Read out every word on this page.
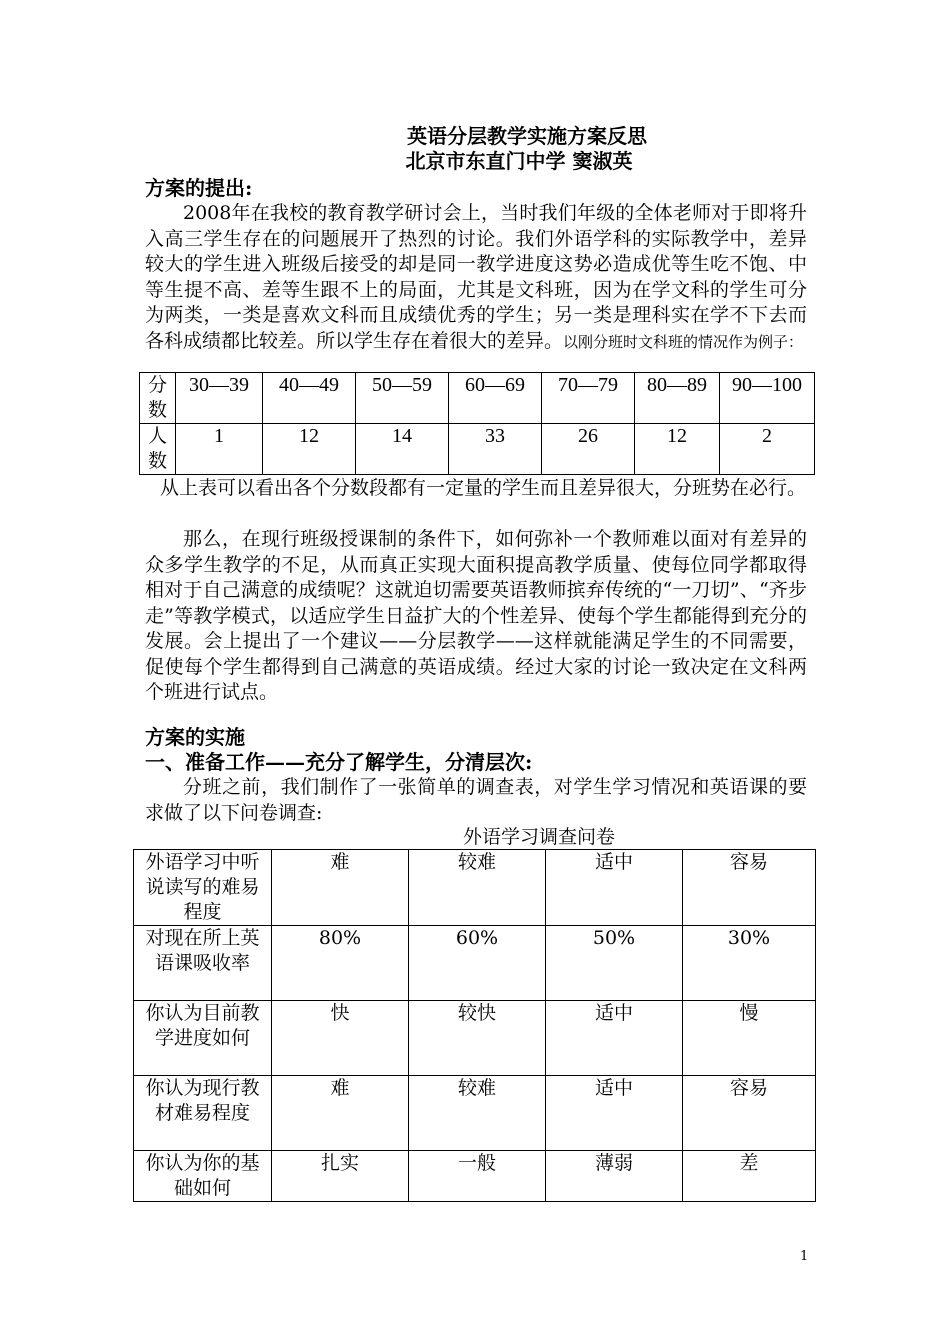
英语分层教学实施方案反思
北京市东直门中学 窦淑英
方案的提出:

2008年在我校的教育教学研讨会上，当时我们年级的全体老师对于即将升入高三学生存在的问题展开了热烈的讨论。我们外语学科的实际教学中，差异较大的学生进入班级后接受的却是同一教学进度这势必造成优等生吃不饱、中等生提不高、差等生跟不上的局面，尤其是文科班，因为在学文科的学生可分为两类，一类是喜欢文科而且成绩优秀的学生；另一类是理科实在学不下去而各科成绩都比较差。所以学生存在着很大的差异。以刚分班时文科班的情况作为例子：

分数	30—39	40—49	50—59	60—69	70—79	80—89	90—100
人数	1	12	14	33	26	12	2

从上表可以看出各个分数段都有一定量的学生而且差异很大，分班势在必行。

那么，在现行班级授课制的条件下，如何弥补一个教师难以面对有差异的众多学生教学的不足，从而真正实现大面积提高教学质量、使每位同学都取得相对于自己满意的成绩呢？这就迫切需要英语教师摈弃传统的“一刀切”、“齐步走”等教学模式，以适应学生日益扩大的个性差异、使每个学生都能得到充分的发展。会上提出了一个建议——分层教学——这样就能满足学生的不同需要，促使每个学生都得到自己满意的英语成绩。经过大家的讨论一致决定在文科两个班进行试点。

方案的实施
一、准备工作——充分了解学生，分清层次:

分班之前，我们制作了一张简单的调查表，对学生学习情况和英语课的要求做了以下问卷调查:

外语学习调查问卷
外语学习中听说读写的难易程度	难	较难	适中	容易
对现在所上英语课吸收率	80%	60%	50%	30%
你认为目前教学进度如何	快	较快	适中	慢
你认为现行教材难易程度	难	较难	适中	容易
你认为你的基础如何	扎实	一般	薄弱	差
1
